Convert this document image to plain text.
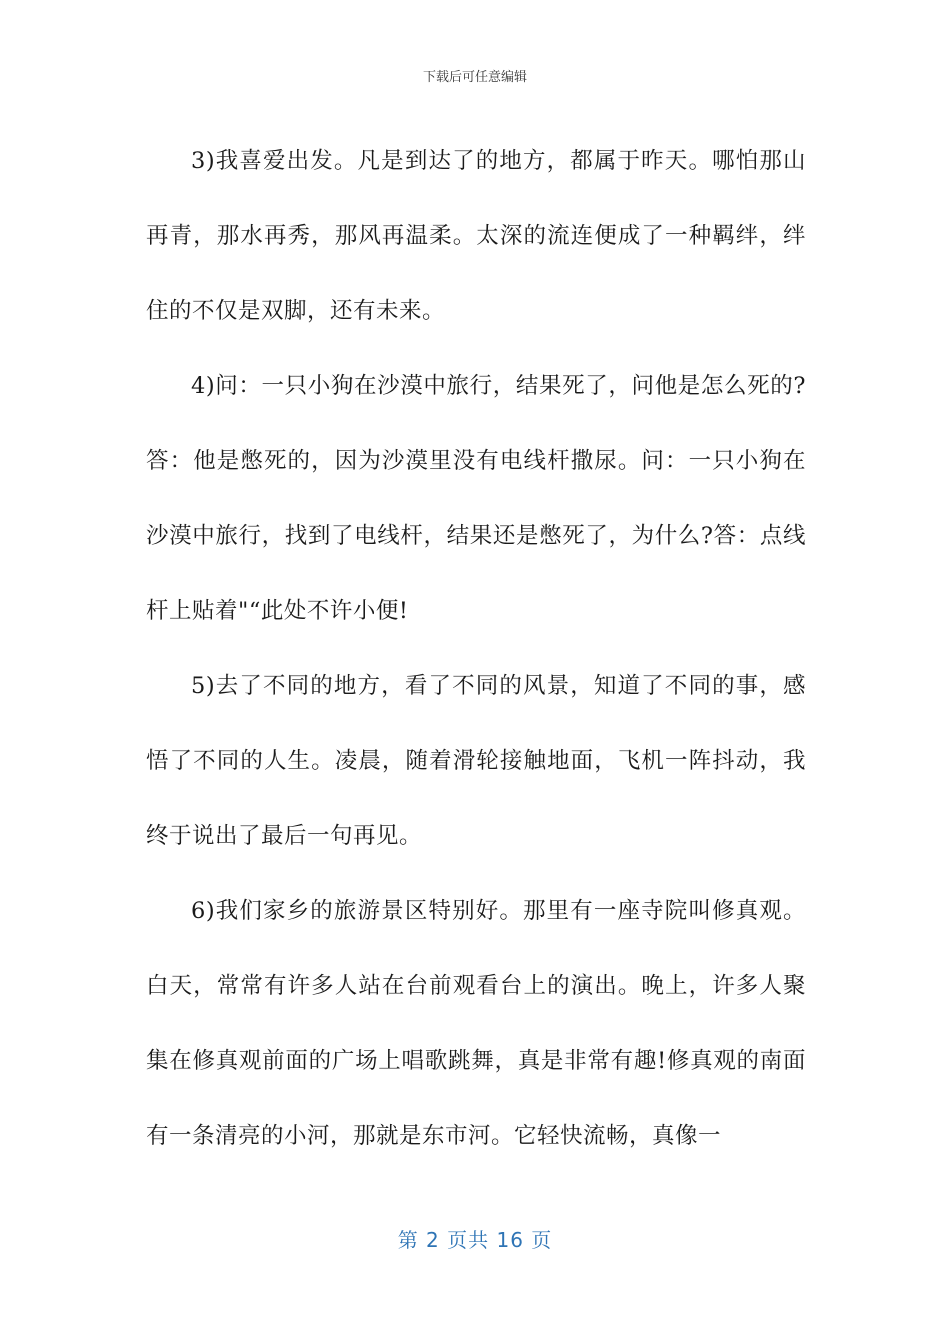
下载后可任意编辑

3)我喜爱出发。凡是到达了的地方，都属于昨天。哪怕那山再青，那水再秀，那风再温柔。太深的流连便成了一种羁绊，绊住的不仅是双脚，还有未来。

4)问：一只小狗在沙漠中旅行，结果死了，问他是怎么死的?答：他是憋死的，因为沙漠里没有电线杆撒尿。问：一只小狗在沙漠中旅行，找到了电线杆，结果还是憋死了，为什么?答：点线杆上贴着"“此处不许小便!

5)去了不同的地方，看了不同的风景，知道了不同的事，感悟了不同的人生。凌晨，随着滑轮接触地面，飞机一阵抖动，我终于说出了最后一句再见。

6)我们家乡的旅游景区特别好。那里有一座寺院叫修真观。白天，常常有许多人站在台前观看台上的演出。晚上，许多人聚集在修真观前面的广场上唱歌跳舞，真是非常有趣!修真观的南面有一条清亮的小河，那就是东市河。它轻快流畅，真像一

第 2 页共 16 页
